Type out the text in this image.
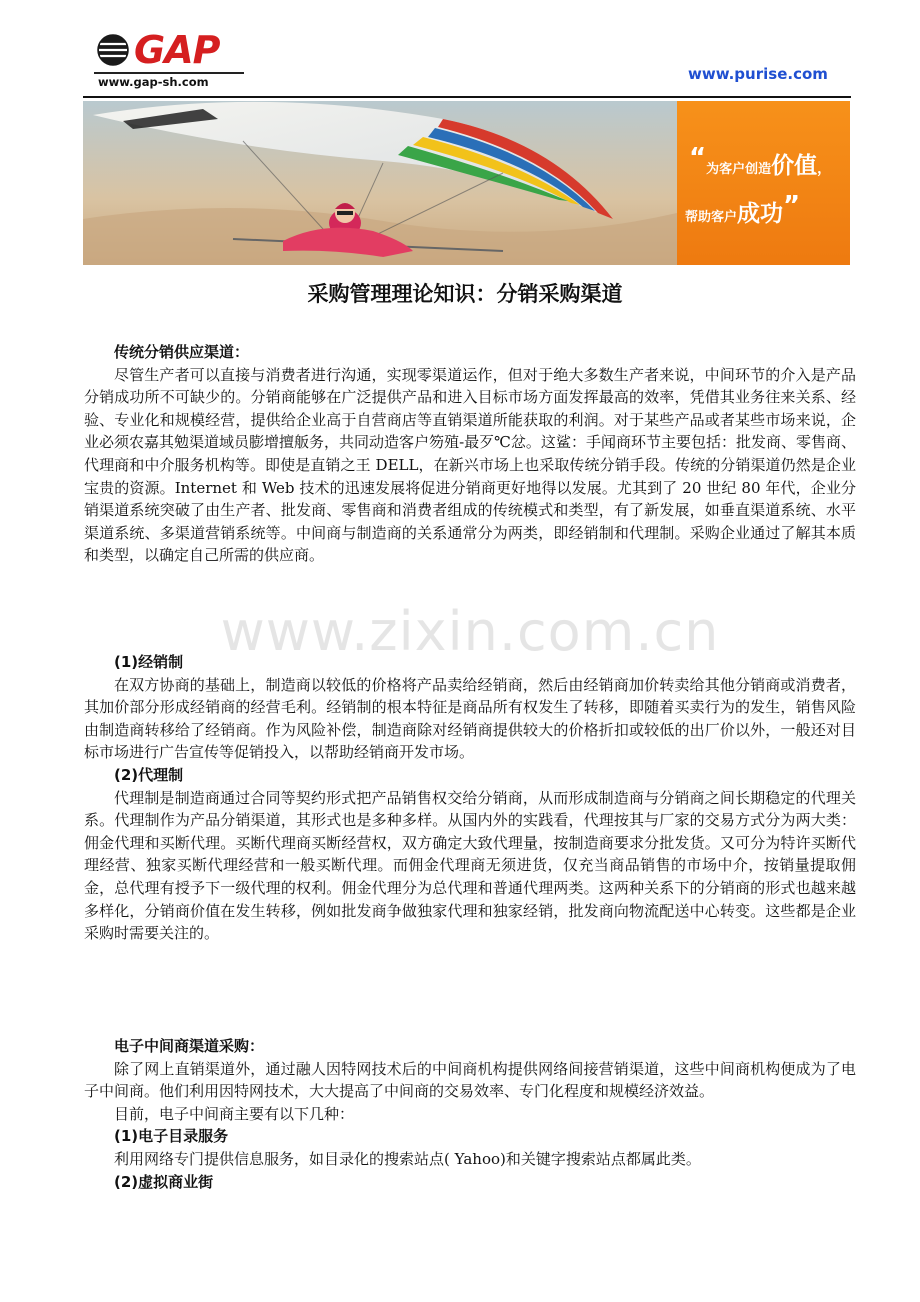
GAP
www.gap-sh.com	www.purise.com
“为客户创造价值，
帮助客户成功”
采购管理理论知识：分销采购渠道
传统分销供应渠道：

尽管生产者可以直接与消费者进行沟通，实现零渠道运作，但对于绝大多数生产者来说，中间环节的介入是产品分销成功所不可缺少的。分销商能够在广泛提供产品和进入目标市场方面发挥最高的效率，凭借其业务往来关系、经验、专业化和规模经营，提供给企业高于自营商店等直销渠道所能获取的利润。对于某些产品或者某些市场来说，企业必须农嘉其勉渠道域员膨增擅舨务，共同动造客户笏殖-最歹℃忿。这鲨：手闻商环节主要包括：批发商、零售商、代理商和中介服务机构等。即使是直销之王 DELL，在新兴市场上也采取传统分销手段。传统的分销渠道仍然是企业宝贵的资源。Internet 和 Web 技术的迅速发展将促进分销商更好地得以发展。尤其到了 20 世纪 80 年代，企业分销渠道系统突破了由生产者、批发商、零售商和消费者组成的传统模式和类型，有了新发展，如垂直渠道系统、水平渠道系统、多渠道营销系统等。中间商与制造商的关系通常分为两类，即经销制和代理制。采购企业通过了解其本质和类型，以确定自己所需的供应商。

www.zixin.com.cn
(1)经销制

在双方协商的基础上，制造商以较低的价格将产品卖给经销商，然后由经销商加价转卖给其他分销商或消费者，其加价部分形成经销商的经营毛利。经销制的根本特征是商品所有权发生了转移，即随着买卖行为的发生，销售风险由制造商转移给了经销商。作为风险补偿，制造商除对经销商提供较大的价格折扣或较低的出厂价以外，一般还对目标市场进行广告宣传等促销投入，以帮助经销商开发市场。

(2)代理制

代理制是制造商通过合同等契约形式把产品销售权交给分销商，从而形成制造商与分销商之间长期稳定的代理关系。代理制作为产品分销渠道，其形式也是多种多样。从国内外的实践看，代理按其与厂家的交易方式分为两大类：佣金代理和买断代理。买断代理商买断经营权，双方确定大致代理量，按制造商要求分批发货。又可分为特许买断代理经营、独家买断代理经营和一般买断代理。而佣金代理商无须进货，仅充当商品销售的市场中介，按销量提取佣金，总代理有授予下一级代理的权利。佣金代理分为总代理和普通代理两类。这两种关系下的分销商的形式也越来越多样化，分销商价值在发生转移，例如批发商争做独家代理和独家经销，批发商向物流配送中心转变。这些都是企业采购时需要关注的。

电子中间商渠道采购：

除了网上直销渠道外，通过融人因特网技术后的中间商机构提供网络间接营销渠道，这些中间商机构便成为了电子中间商。他们利用因特网技术，大大提高了中间商的交易效率、专门化程度和规模经济效益。

目前，电子中间商主要有以下几种：
(1)电子目录服务
利用网络专门提供信息服务，如目录化的搜索站点( Yahoo)和关键字搜索站点都属此类。
(2)虚拟商业街
